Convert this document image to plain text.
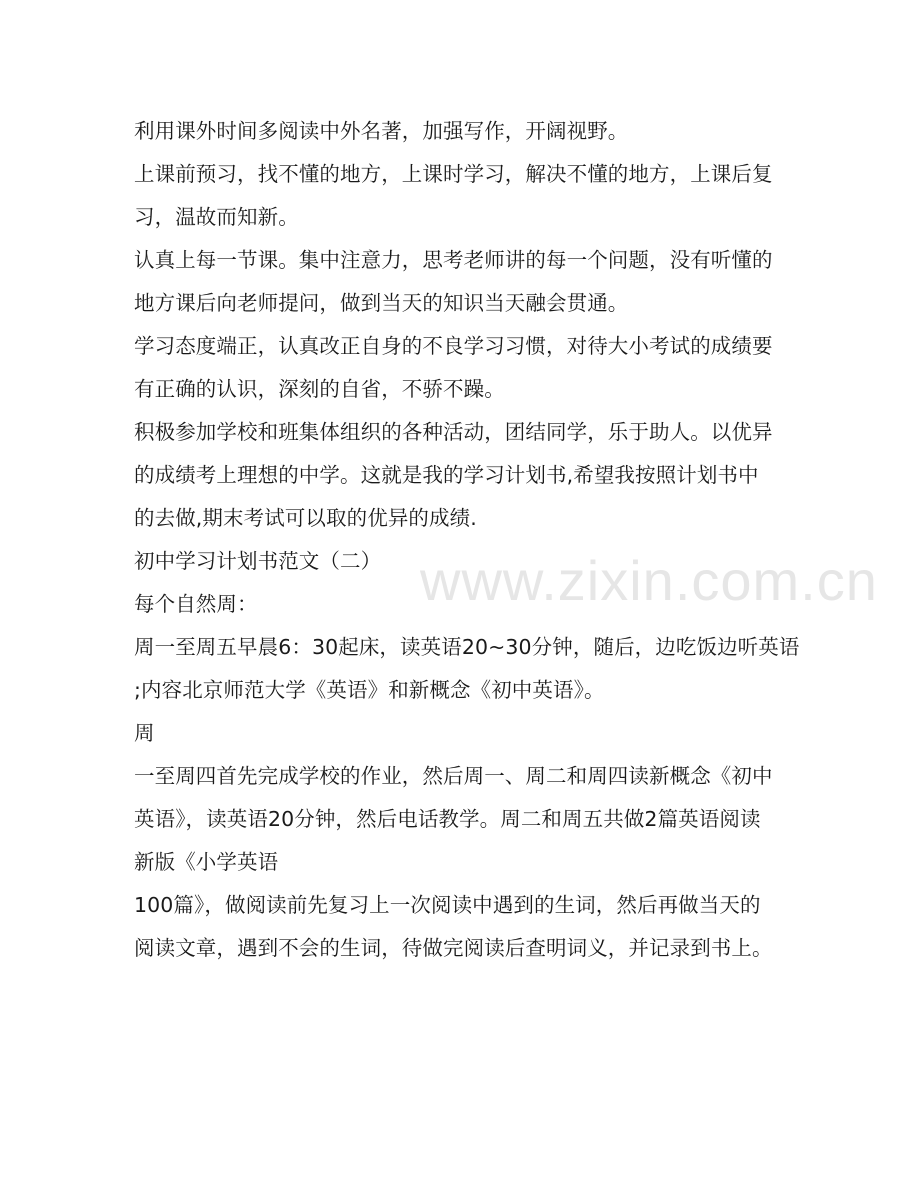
www.zixin.com.cn
利用课外时间多阅读中外名著，加强写作，开阔视野。
上课前预习，找不懂的地方，上课时学习，解决不懂的地方，上课后复
习，温故而知新。
认真上每一节课。集中注意力，思考老师讲的每一个问题，没有听懂的
地方课后向老师提问，做到当天的知识当天融会贯通。
学习态度端正，认真改正自身的不良学习习惯，对待大小考试的成绩要
有正确的认识，深刻的自省，不骄不躁。
积极参加学校和班集体组织的各种活动，团结同学，乐于助人。以优异
的成绩考上理想的中学。这就是我的学习计划书,希望我按照计划书中
的去做,期末考试可以取的优异的成绩.
初中学习计划书范文（二）
每个自然周：
周一至周五早晨6：30起床，读英语20~30分钟，随后，边吃饭边听英语
;内容北京师范大学《英语》和新概念《初中英语》。
周
一至周四首先完成学校的作业，然后周一、周二和周四读新概念《初中
英语》，读英语20分钟，然后电话教学。周二和周五共做2篇英语阅读
新版《小学英语
100篇》，做阅读前先复习上一次阅读中遇到的生词，然后再做当天的
阅读文章，遇到不会的生词，待做完阅读后查明词义，并记录到书上。
